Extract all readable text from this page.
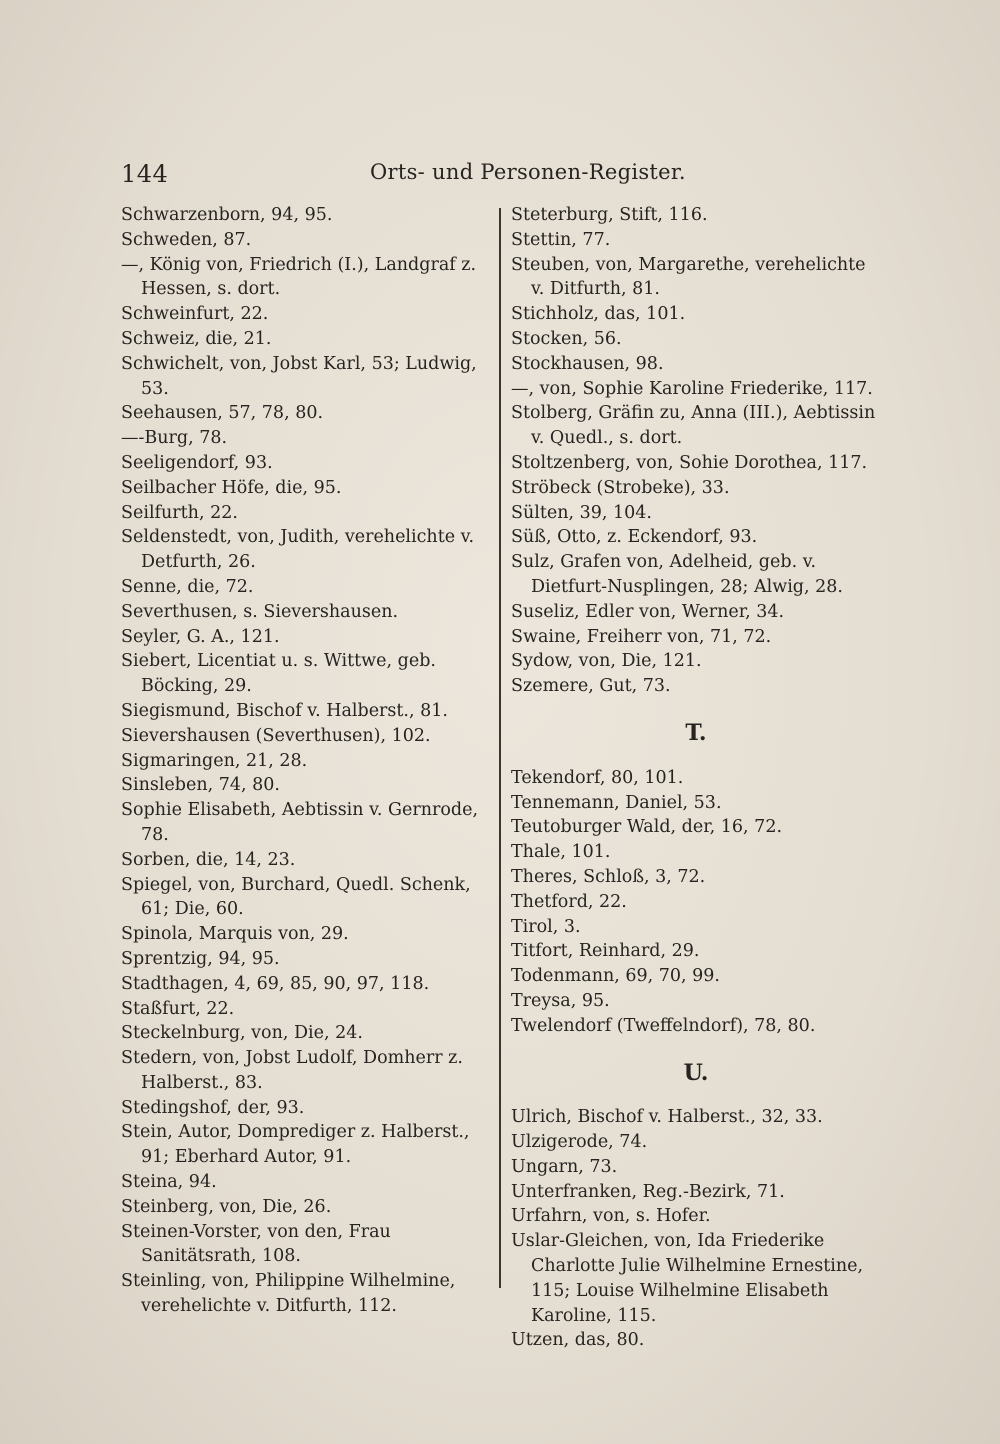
144	Orts- und Personen-Register.
Schwarzenborn, 94, 95.
Schweden, 87.
—, König von, Friedrich (I.), Landgraf z. Hessen, s. dort.
Schweinfurt, 22.
Schweiz, die, 21.
Schwichelt, von, Jobst Karl, 53; Ludwig, 53.
Seehausen, 57, 78, 80.
—-Burg, 78.
Seeligendorf, 93.
Seilbacher Höfe, die, 95.
Seilfurth, 22.
Seldenstedt, von, Judith, verehelichte v. Detfurth, 26.
Senne, die, 72.
Severthusen, s. Sievershausen.
Seyler, G. A., 121.
Siebert, Licentiat u. s. Wittwe, geb. Böcking, 29.
Siegismund, Bischof v. Halberst., 81.
Sievershausen (Severthusen), 102.
Sigmaringen, 21, 28.
Sinsleben, 74, 80.
Sophie Elisabeth, Aebtissin v. Gernrode, 78.
Sorben, die, 14, 23.
Spiegel, von, Burchard, Quedl. Schenk, 61; Die, 60.
Spinola, Marquis von, 29.
Sprentzig, 94, 95.
Stadthagen, 4, 69, 85, 90, 97, 118.
Staßfurt, 22.
Steckelnburg, von, Die, 24.
Stedern, von, Jobst Ludolf, Domherr z. Halberst., 83.
Stedingshof, der, 93.
Stein, Autor, Domprediger z. Halberst., 91; Eberhard Autor, 91.
Steina, 94.
Steinberg, von, Die, 26.
Steinen-Vorster, von den, Frau Sanitätsrath, 108.
Steinling, von, Philippine Wilhelmine, verehelichte v. Ditfurth, 112.
Steterburg, Stift, 116.
Stettin, 77.
Steuben, von, Margarethe, verehelichte v. Ditfurth, 81.
Stichholz, das, 101.
Stocken, 56.
Stockhausen, 98.
—, von, Sophie Karoline Friederike, 117.
Stolberg, Gräfin zu, Anna (III.), Aebtissin v. Quedl., s. dort.
Stoltzenberg, von, Sohie Dorothea, 117.
Ströbeck (Strobeke), 33.
Sülten, 39, 104.
Süß, Otto, z. Eckendorf, 93.
Sulz, Grafen von, Adelheid, geb. v. Dietfurt-Nusplingen, 28; Alwig, 28.
Suseliz, Edler von, Werner, 34.
Swaine, Freiherr von, 71, 72.
Sydow, von, Die, 121.
Szemere, Gut, 73.
T.
Tekendorf, 80, 101.
Tennemann, Daniel, 53.
Teutoburger Wald, der, 16, 72.
Thale, 101.
Theres, Schloß, 3, 72.
Thetford, 22.
Tirol, 3.
Titfort, Reinhard, 29.
Todenmann, 69, 70, 99.
Treysa, 95.
Twelendorf (Tweffelndorf), 78, 80.
U.
Ulrich, Bischof v. Halberst., 32, 33.
Ulzigerode, 74.
Ungarn, 73.
Unterfranken, Reg.-Bezirk, 71.
Urfahrn, von, s. Hofer.
Uslar-Gleichen, von, Ida Friederike Charlotte Julie Wilhelmine Ernestine, 115; Louise Wilhelmine Elisabeth Karoline, 115.
Utzen, das, 80.
